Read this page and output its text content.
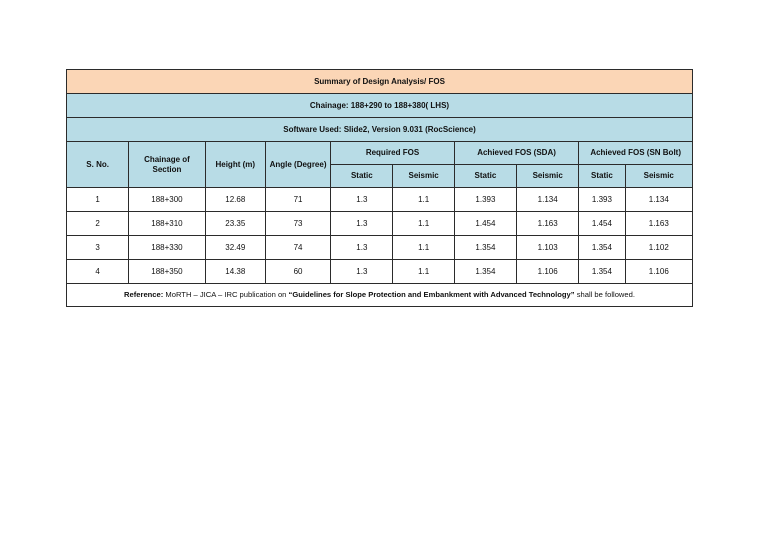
Summary of Design Analysis/ FOS									
Chainage: 188+290 to 188+380( LHS)									
Software Used: Slide2, Version 9.031 (RocScience)									
S. No.	Chainage of Section	Height (m)	Angle (Degree)	Required FOS		Achieved FOS (SDA)		Achieved FOS (SN Bolt)	
				Static	Seismic	Static	Seismic	Static	Seismic
1	188+300	12.68	71	1.3	1.1	1.393	1.134	1.393	1.134
2	188+310	23.35	73	1.3	1.1	1.454	1.163	1.454	1.163
3	188+330	32.49	74	1.3	1.1	1.354	1.103	1.354	1.102
4	188+350	14.38	60	1.3	1.1	1.354	1.106	1.354	1.106
Reference: MoRTH – JICA – IRC publication on “Guidelines for Slope Protection and Embankment with Advanced Technology” shall be followed.									
